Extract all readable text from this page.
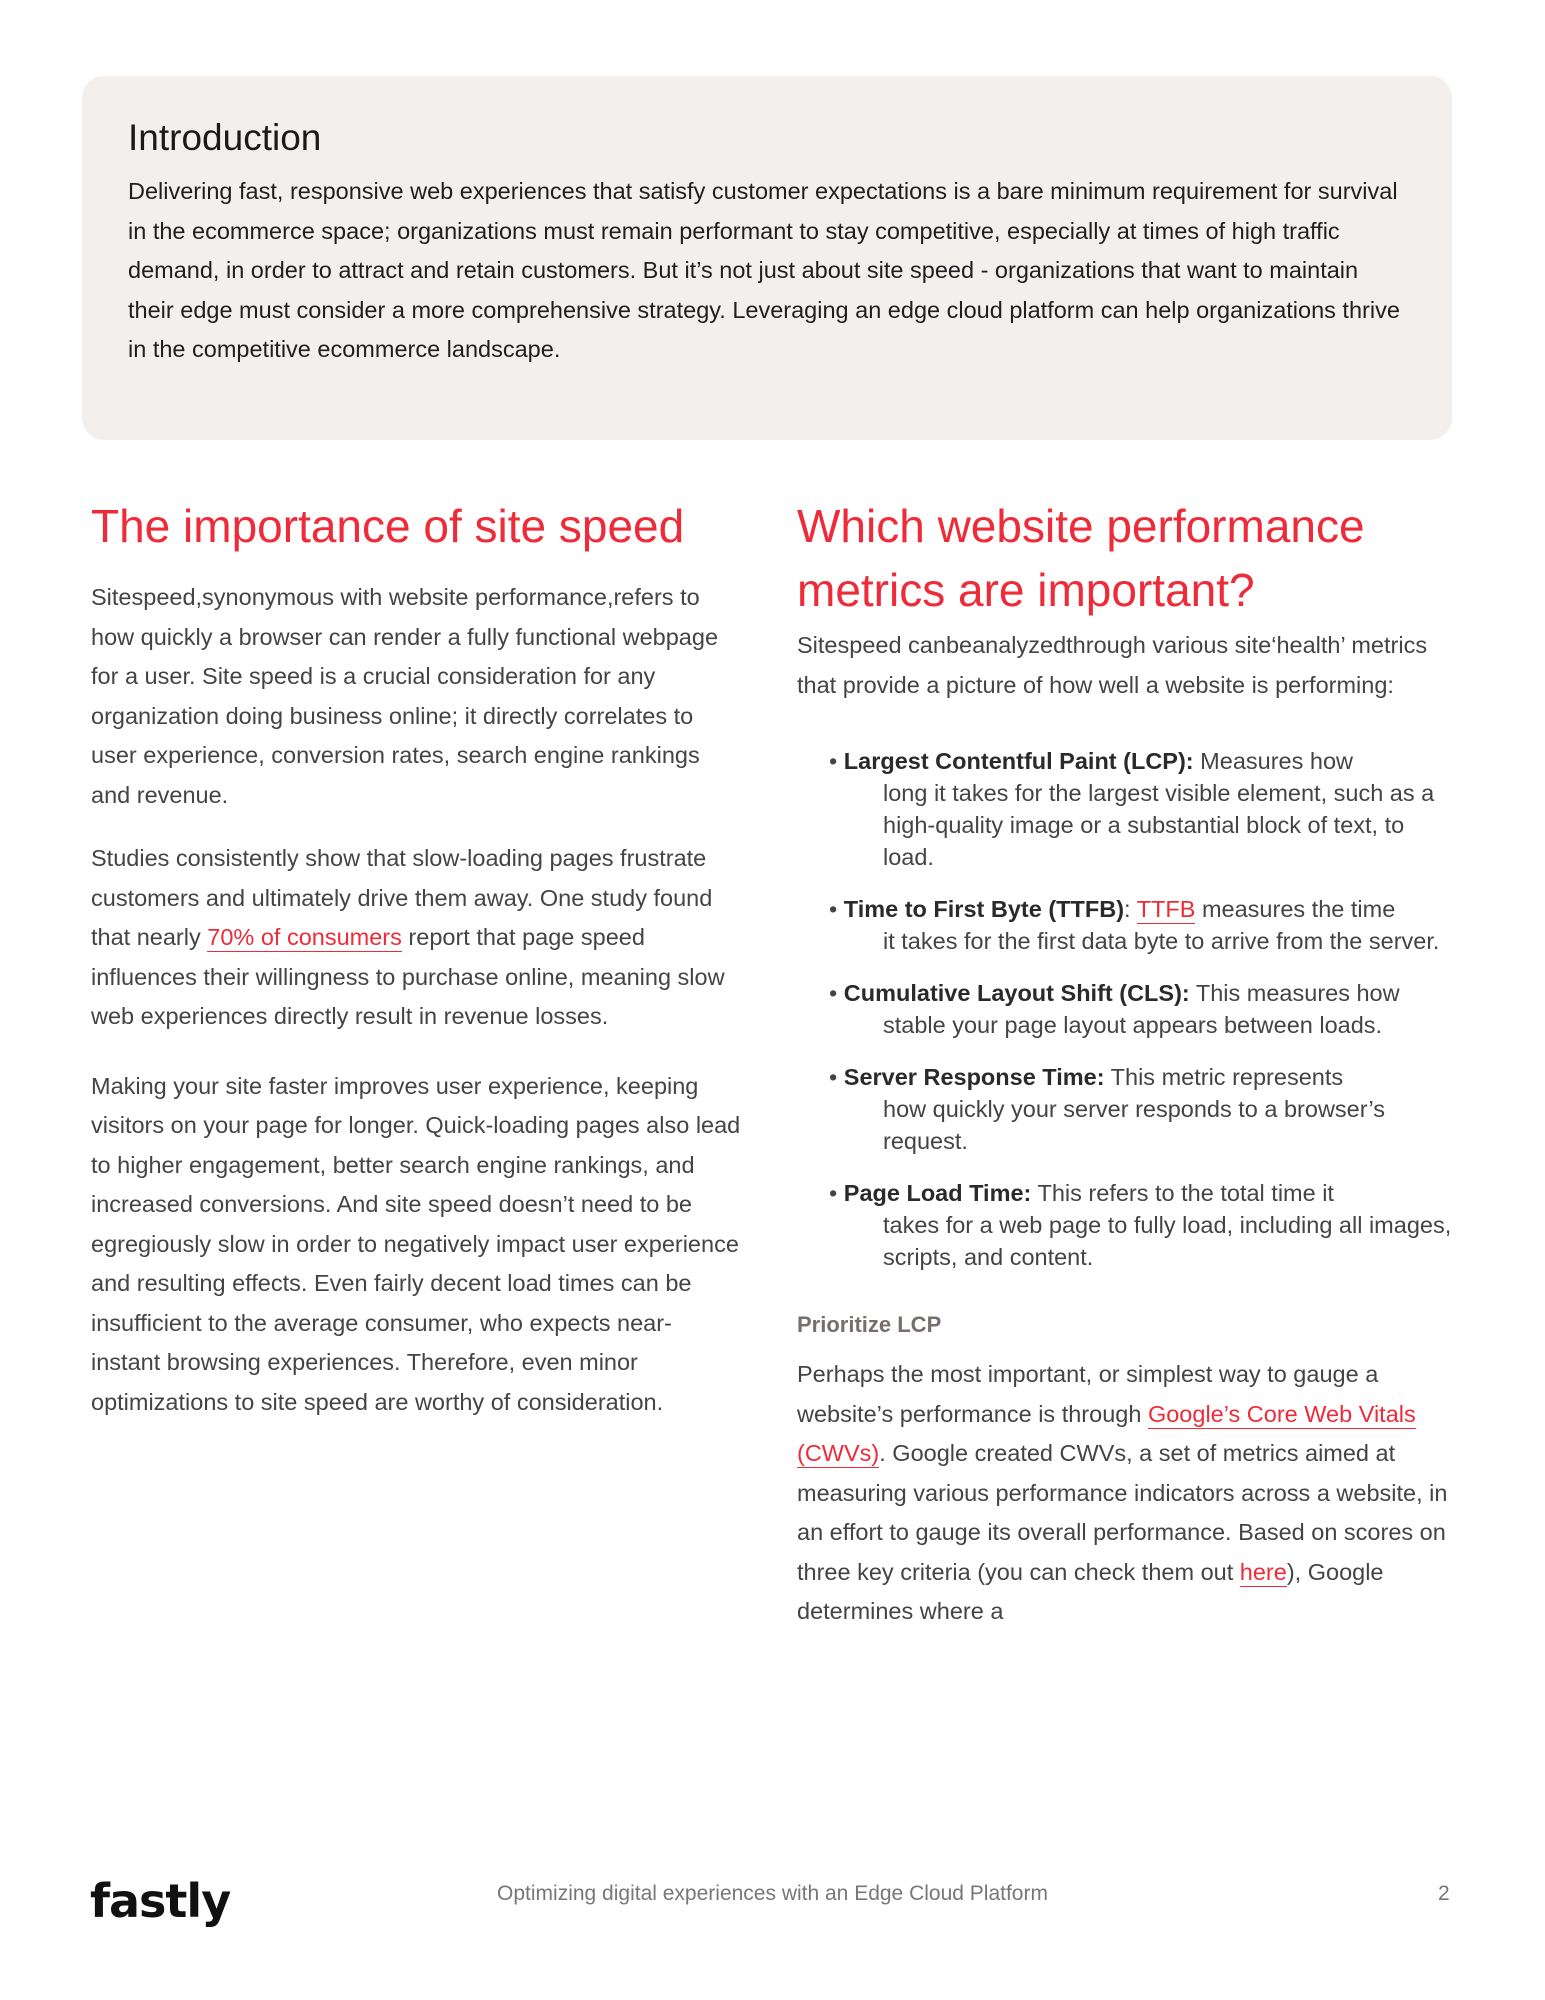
Introduction

Delivering fast, responsive web experiences that satisfy customer expectations is a bare minimum requirement for survival in the ecommerce space; organizations must remain performant to stay competitive, especially at times of high traffic demand, in order to attract and retain customers. But it’s not just about site speed - organizations that want to maintain their edge must consider a more comprehensive strategy. Leveraging an edge cloud platform can help organizations thrive in the competitive ecommerce landscape.

The importance of site speed

Sitespeed,synonymous with website performance,refers to how quickly a browser can render a fully functional webpage for a user. Site speed is a crucial consideration for any organization doing business online; it directly correlates to user experience, conversion rates, search engine rankings and revenue.

Studies consistently show that slow-loading pages frustrate customers and ultimately drive them away. One study found that nearly 70% of consumers report that page speed influences their willingness to purchase online, meaning slow web experiences directly result in revenue losses.

Making your site faster improves user experience, keeping visitors on your page for longer. Quick-loading pages also lead to higher engagement, better search engine rankings, and increased conversions. And site speed doesn’t need to be egregiously slow in order to negatively impact user experience and resulting effects. Even fairly decent load times can be insufficient to the average consumer, who expects near-instant browsing experiences. Therefore, even minor optimizations to site speed are worthy of consideration.

Which website performance metrics are important?

Sitespeed canbeanalyzedthrough various site‘health’ metrics that provide a picture of how well a website is performing:

• Largest Contentful Paint (LCP): Measures how
long it takes for the largest visible element, such as a high-quality image or a substantial block of text, to load.
• Time to First Byte (TTFB): TTFB measures the time
it takes for the first data byte to arrive from the server.
• Cumulative Layout Shift (CLS): This measures how
stable your page layout appears between loads.
• Server Response Time: This metric represents
how quickly your server responds to a browser’s request.
• Page Load Time: This refers to the total time it
takes for a web page to fully load, including all images, scripts, and content.
Prioritize LCP

Perhaps the most important, or simplest way to gauge a website’s performance is through Google’s Core Web Vitals (CWVs). Google created CWVs, a set of metrics aimed at measuring various performance indicators across a website, in an effort to gauge its overall performance. Based on scores on three key criteria (you can check them out here), Google determines where a

fastly	Optimizing digital experiences with an Edge Cloud Platform	2
